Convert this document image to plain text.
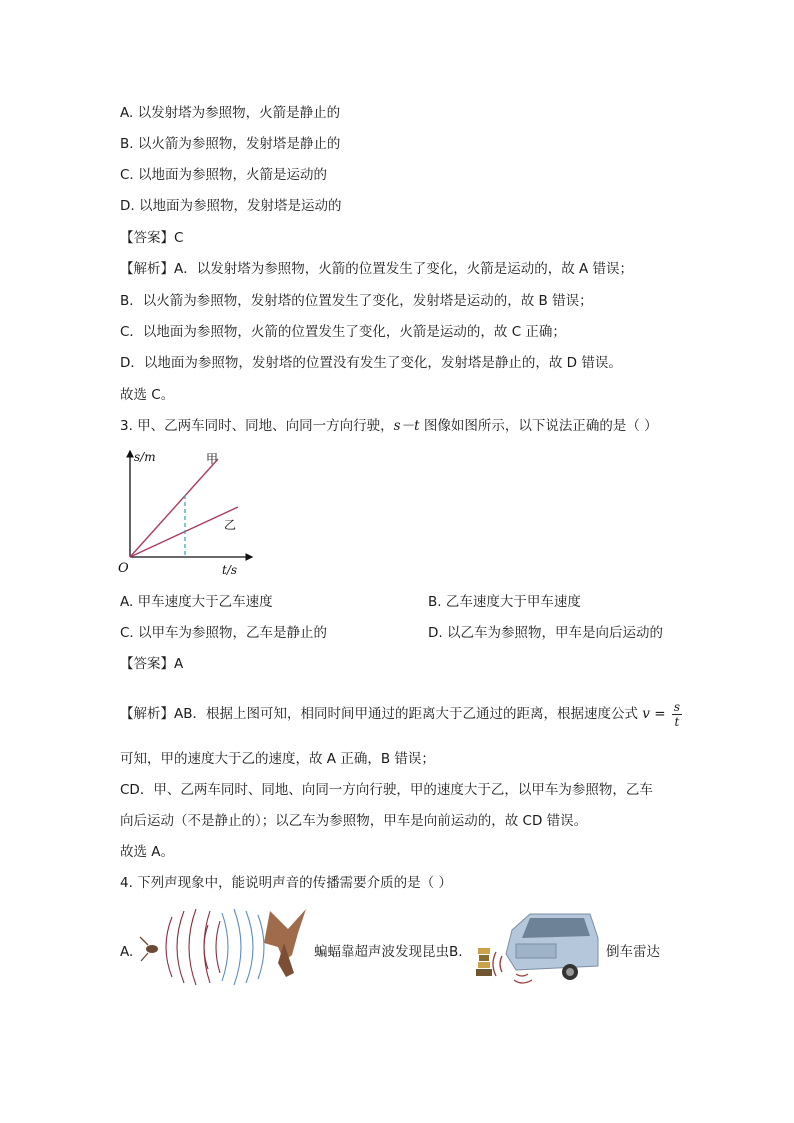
A. 以发射塔为参照物，火箭是静止的
B. 以火箭为参照物，发射塔是静止的
C. 以地面为参照物，火箭是运动的
D. 以地面为参照物，发射塔是运动的
【答案】C
【解析】A．以发射塔为参照物，火箭的位置发生了变化，火箭是运动的，故 A 错误；
B．以火箭为参照物，发射塔的位置发生了变化，发射塔是运动的，故 B 错误；
C．以地面为参照物，火箭的位置发生了变化，火箭是运动的，故 C 正确；
D．以地面为参照物，发射塔的位置没有发生了变化，发射塔是静止的，故 D 错误。
故选 C。
3. 甲、乙两车同时、同地、向同一方向行驶，s－t 图像如图所示，以下说法正确的是（ ）
s/m	甲
乙
O	t/s
A. 甲车速度大于乙车速度	B. 乙车速度大于甲车速度
C. 以甲车为参照物，乙车是静止的	D. 以乙车为参照物，甲车是向后运动的
【答案】A
【解析】AB．根据上图可知，相同时间甲通过的距离大于乙通过的距离，根据速度公式 $v = \frac{s}{t}$
可知，甲的速度大于乙的速度，故 A 正确，B 错误；
CD．甲、乙两车同时、同地、向同一方向行驶，甲的速度大于乙，以甲车为参照物，乙车
向后运动（不是静止的）；以乙车为参照物，甲车是向前运动的，故 CD 错误。
故选 A。
4. 下列声现象中，能说明声音的传播需要介质的是（ ）
A.	蝙蝠靠超声波发现昆虫B.	倒车雷达
